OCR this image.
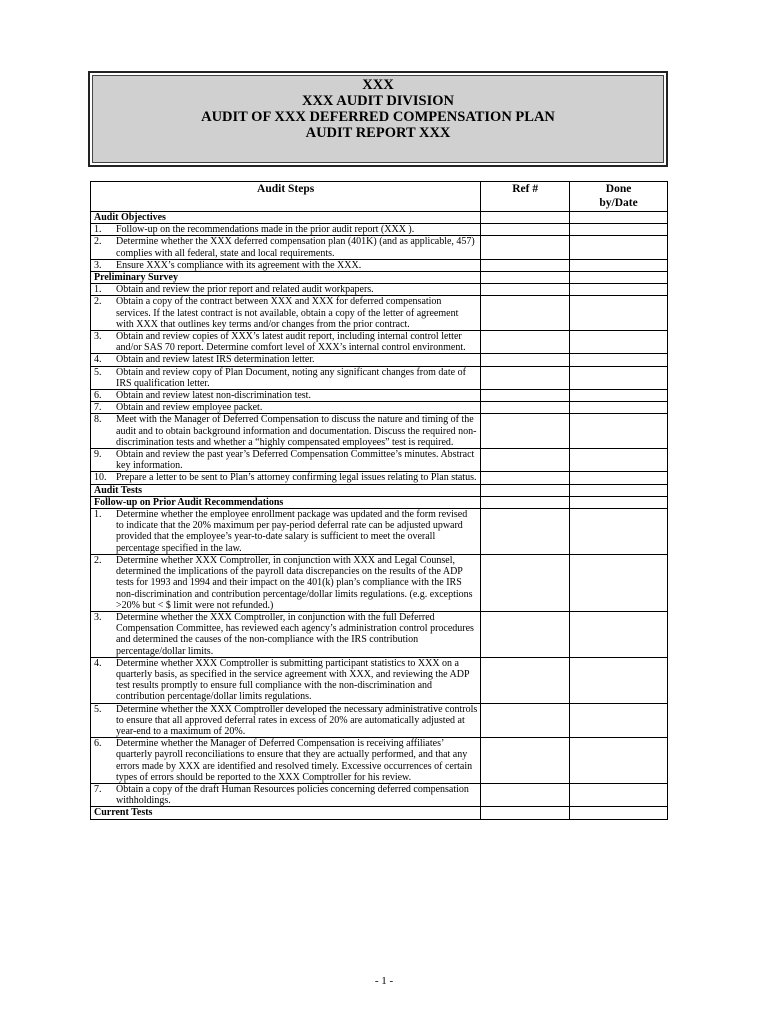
XXX
XXX AUDIT DIVISION
AUDIT OF XXX DEFERRED COMPENSATION PLAN
AUDIT REPORT XXX
Audit Steps	Ref #	Done
by/Date
Audit Objectives		

1. Follow-up on the recommendations made in the prior audit report (XXX ).		

2. Determine whether the XXX deferred compensation plan (401K) (and as applicable, 457) complies with all federal, state and local requirements.		

3. Ensure XXX’s compliance with its agreement with the XXX.		

Preliminary Survey		

1. Obtain and review the prior report and related audit workpapers.		

2. Obtain a copy of the contract between XXX and XXX for deferred compensation services. If the latest contract is not available, obtain a copy of the letter of agreement with XXX that outlines key terms and/or changes from the prior contract.		

3. Obtain and review copies of XXX’s latest audit report, including internal control letter and/or SAS 70 report. Determine comfort level of XXX’s internal control environment.		

4. Obtain and review latest IRS determination letter.		

5. Obtain and review copy of Plan Document, noting any significant changes from date of IRS qualification letter.		

6. Obtain and review latest non-discrimination test.		

7. Obtain and review employee packet.		

8. Meet with the Manager of Deferred Compensation to discuss the nature and timing of the audit and to obtain background information and documentation. Discuss the required non-discrimination tests and whether a “highly compensated employees” test is required.		

9. Obtain and review the past year’s Deferred Compensation Committee’s minutes. Abstract key information.		

10. Prepare a letter to be sent to Plan’s attorney confirming legal issues relating to Plan status.		

Audit Tests		
Follow-up on Prior Audit Recommendations		

1. Determine whether the employee enrollment package was updated and the form revised to indicate that the 20% maximum per pay-period deferral rate can be adjusted upward provided that the employee’s year-to-date salary is sufficient to meet the overall percentage specified in the law.		

2. Determine whether XXX Comptroller, in conjunction with XXX and Legal Counsel, determined the implications of the payroll data discrepancies on the results of the ADP tests for 1993 and 1994 and their impact on the 401(k) plan’s compliance with the IRS non-discrimination and contribution percentage/dollar limits regulations. (e.g. exceptions >20% but < $ limit were not refunded.)		

3. Determine whether the XXX Comptroller, in conjunction with the full Deferred Compensation Committee, has reviewed each agency’s administration control procedures and determined the causes of the non-compliance with the IRS contribution percentage/dollar limits.		

4. Determine whether XXX Comptroller is submitting participant statistics to XXX on a quarterly basis, as specified in the service agreement with XXX, and reviewing the ADP test results promptly to ensure full compliance with the non-discrimination and contribution percentage/dollar limits regulations.		

5. Determine whether the XXX Comptroller developed the necessary administrative controls to ensure that all approved deferral rates in excess of 20% are automatically adjusted at year-end to a maximum of 20%.		

6. Determine whether the Manager of Deferred Compensation is receiving affiliates’ quarterly payroll reconciliations to ensure that they are actually performed, and that any errors made by XXX are identified and resolved timely. Excessive occurrences of certain types of errors should be reported to the XXX Comptroller for his review.		

7. Obtain a copy of the draft Human Resources policies concerning deferred compensation withholdings.		

Current Tests		
- 1 -
